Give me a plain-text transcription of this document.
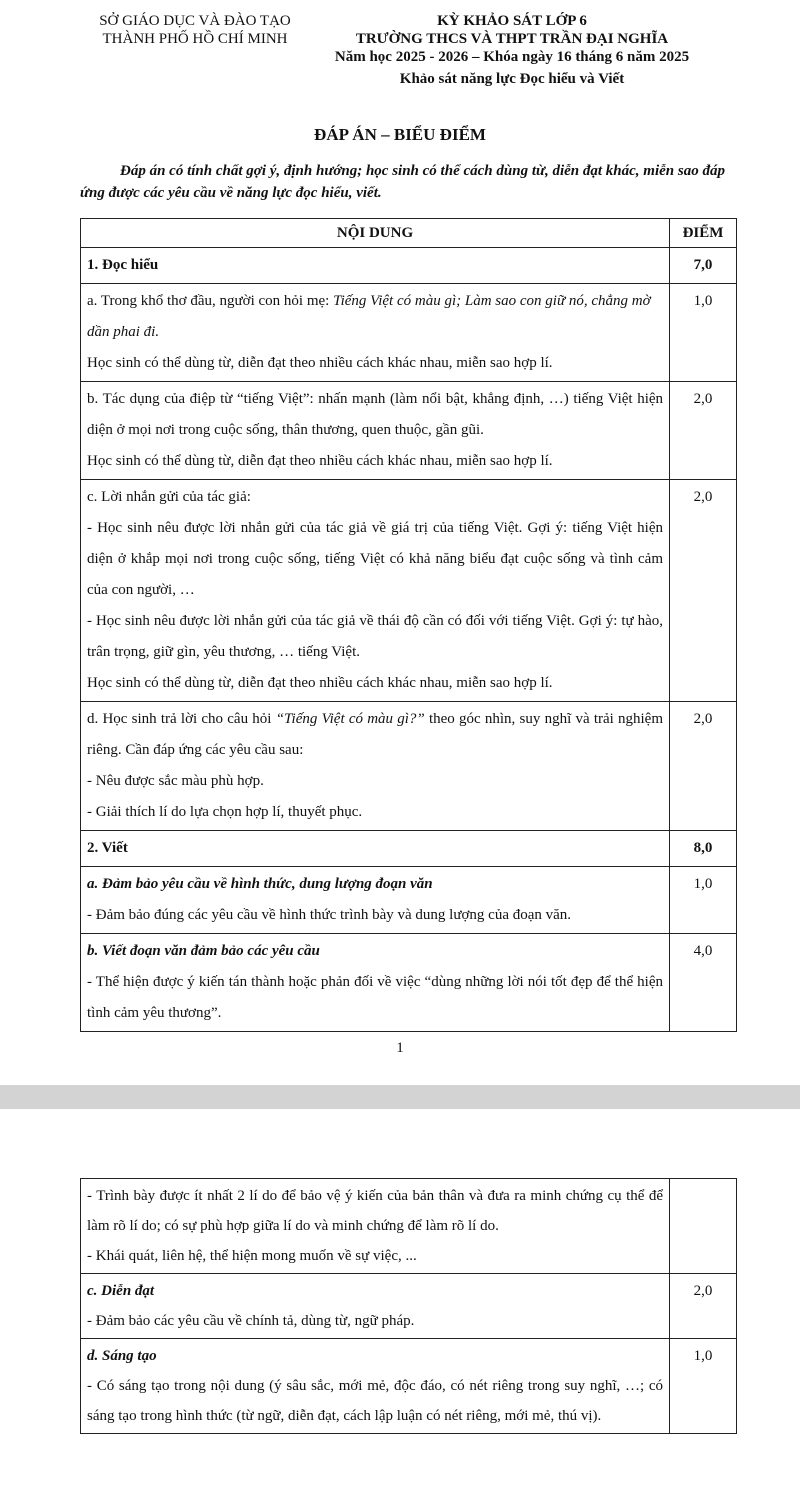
SỞ GIÁO DỤC VÀ ĐÀO TẠO
THÀNH PHỐ HỒ CHÍ MINH
KỲ KHẢO SÁT LỚP 6
TRƯỜNG THCS VÀ THPT TRẦN ĐẠI NGHĨA
Năm học 2025 - 2026 – Khóa ngày 16 tháng 6 năm 2025
Khảo sát năng lực Đọc hiểu và Viết
ĐÁP ÁN – BIỂU ĐIỂM
Đáp án có tính chất gợi ý, định hướng; học sinh có thể cách dùng từ, diễn đạt khác, miễn sao đáp ứng được các yêu cầu về năng lực đọc hiểu, viết.
NỘI DUNG	ĐIỂM
1. Đọc hiểu	7,0

a. Trong khổ thơ đầu, người con hỏi mẹ: Tiếng Việt có màu gì; Làm sao con giữ nó, chẳng mờ dần phai đi.
Học sinh có thể dùng từ, diễn đạt theo nhiều cách khác nhau, miễn sao hợp lí.	1,0

b. Tác dụng của điệp từ “tiếng Việt”: nhấn mạnh (làm nổi bật, khẳng định, …) tiếng Việt hiện diện ở mọi nơi trong cuộc sống, thân thương, quen thuộc, gần gũi.
Học sinh có thể dùng từ, diễn đạt theo nhiều cách khác nhau, miễn sao hợp lí.	2,0

c. Lời nhắn gửi của tác giả:
- Học sinh nêu được lời nhắn gửi của tác giả về giá trị của tiếng Việt. Gợi ý: tiếng Việt hiện diện ở khắp mọi nơi trong cuộc sống, tiếng Việt có khả năng biểu đạt cuộc sống và tình cảm của con người, …
- Học sinh nêu được lời nhắn gửi của tác giả về thái độ cần có đối với tiếng Việt. Gợi ý: tự hào, trân trọng, giữ gìn, yêu thương, … tiếng Việt.
Học sinh có thể dùng từ, diễn đạt theo nhiều cách khác nhau, miễn sao hợp lí.	2,0

d. Học sinh trả lời cho câu hỏi “Tiếng Việt có màu gì?” theo góc nhìn, suy nghĩ và trải nghiệm riêng. Cần đáp ứng các yêu cầu sau:
- Nêu được sắc màu phù hợp.
- Giải thích lí do lựa chọn hợp lí, thuyết phục.	2,0
2. Viết	8,0

a. Đảm bảo yêu cầu về hình thức, dung lượng đoạn văn
- Đảm bảo đúng các yêu cầu về hình thức trình bày và dung lượng của đoạn văn.	1,0

b. Viết đoạn văn đảm bảo các yêu cầu
- Thể hiện được ý kiến tán thành hoặc phản đối về việc “dùng những lời nói tốt đẹp để thể hiện tình cảm yêu thương”.	4,0
1
- Trình bày được ít nhất 2 lí do để bảo vệ ý kiến của bản thân và đưa ra minh chứng cụ thể để làm rõ lí do; có sự phù hợp giữa lí do và minh chứng để làm rõ lí do.
- Khái quát, liên hệ, thể hiện mong muốn về sự việc, ...	

c. Diễn đạt
- Đảm bảo các yêu cầu về chính tả, dùng từ, ngữ pháp.	2,0

d. Sáng tạo
- Có sáng tạo trong nội dung (ý sâu sắc, mới mẻ, độc đáo, có nét riêng trong suy nghĩ, …; có sáng tạo trong hình thức (từ ngữ, diễn đạt, cách lập luận có nét riêng, mới mẻ, thú vị).	1,0
